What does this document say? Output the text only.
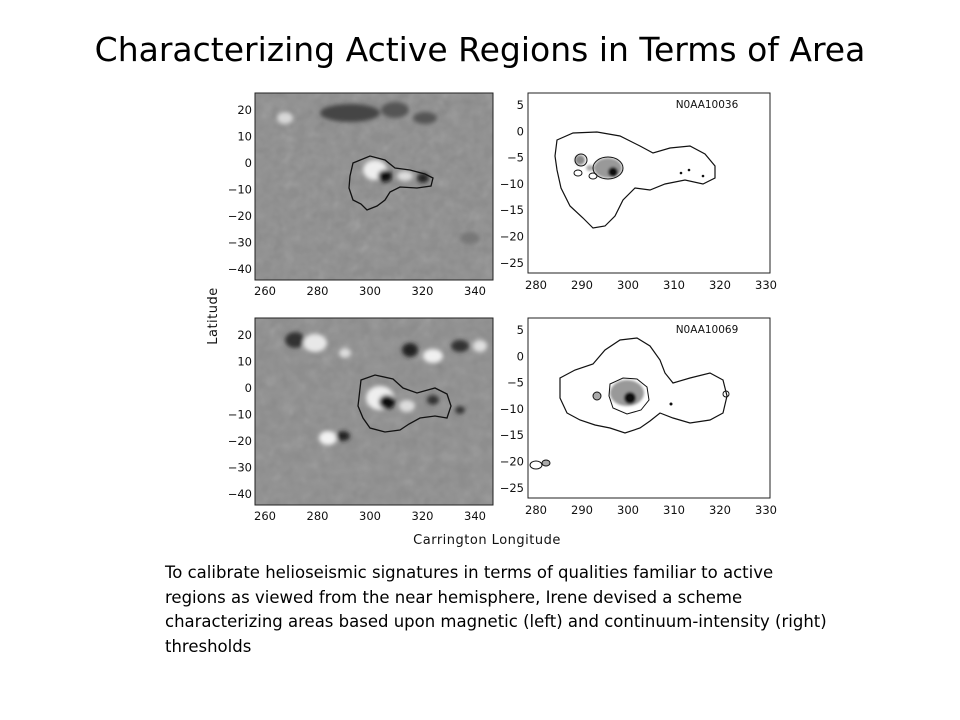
Characterizing Active Regions in Terms of Area
Latitude
Carrington Longitude
N0AA10036
N0AA10069
20
10
0
−10
−20
−30
−40
260	280	300	320	340
20
10
0
−10
−20
−30
−40
260	280	300	320	340
5
0
−5
−10
−15
−20
−25
280 290 300 310 320 330
5
0
−5
−10
−15
−20
−25
280 290 300 310 320 330
To calibrate helioseismic signatures in terms of qualities familiar to active regions as viewed from the near hemisphere, Irene devised a scheme characterizing areas based upon magnetic (left) and continuum-intensity (right) thresholds
